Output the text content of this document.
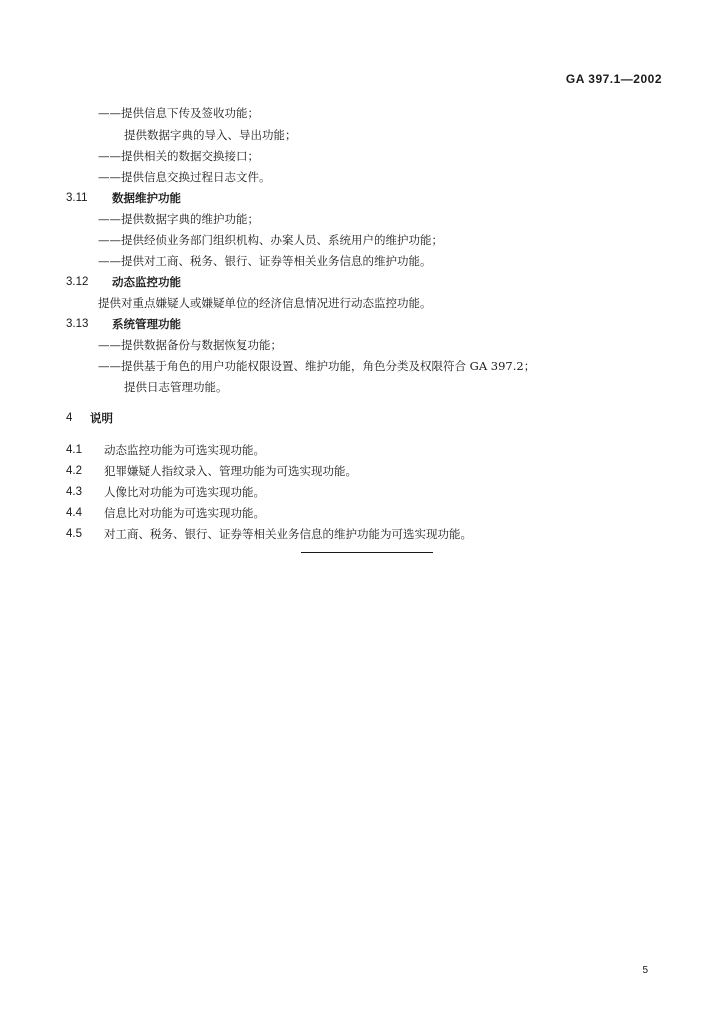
GA 397.1—2002
——提供信息下传及签收功能；
提供数据字典的导入、导出功能；
——提供相关的数据交换接口；
——提供信息交换过程日志文件。
3.11 数据维护功能
——提供数据字典的维护功能；
——提供经侦业务部门组织机构、办案人员、系统用户的维护功能；
——提供对工商、税务、银行、证券等相关业务信息的维护功能。
3.12 动态监控功能
提供对重点嫌疑人或嫌疑单位的经济信息情况进行动态监控功能。
3.13 系统管理功能
——提供数据备份与数据恢复功能；
——提供基于角色的用户功能权限设置、维护功能，角色分类及权限符合 GA 397.2；
提供日志管理功能。
4 说明
4.1 动态监控功能为可选实现功能。
4.2 犯罪嫌疑人指纹录入、管理功能为可选实现功能。
4.3 人像比对功能为可选实现功能。
4.4 信息比对功能为可选实现功能。
4.5 对工商、税务、银行、证券等相关业务信息的维护功能为可选实现功能。
5
